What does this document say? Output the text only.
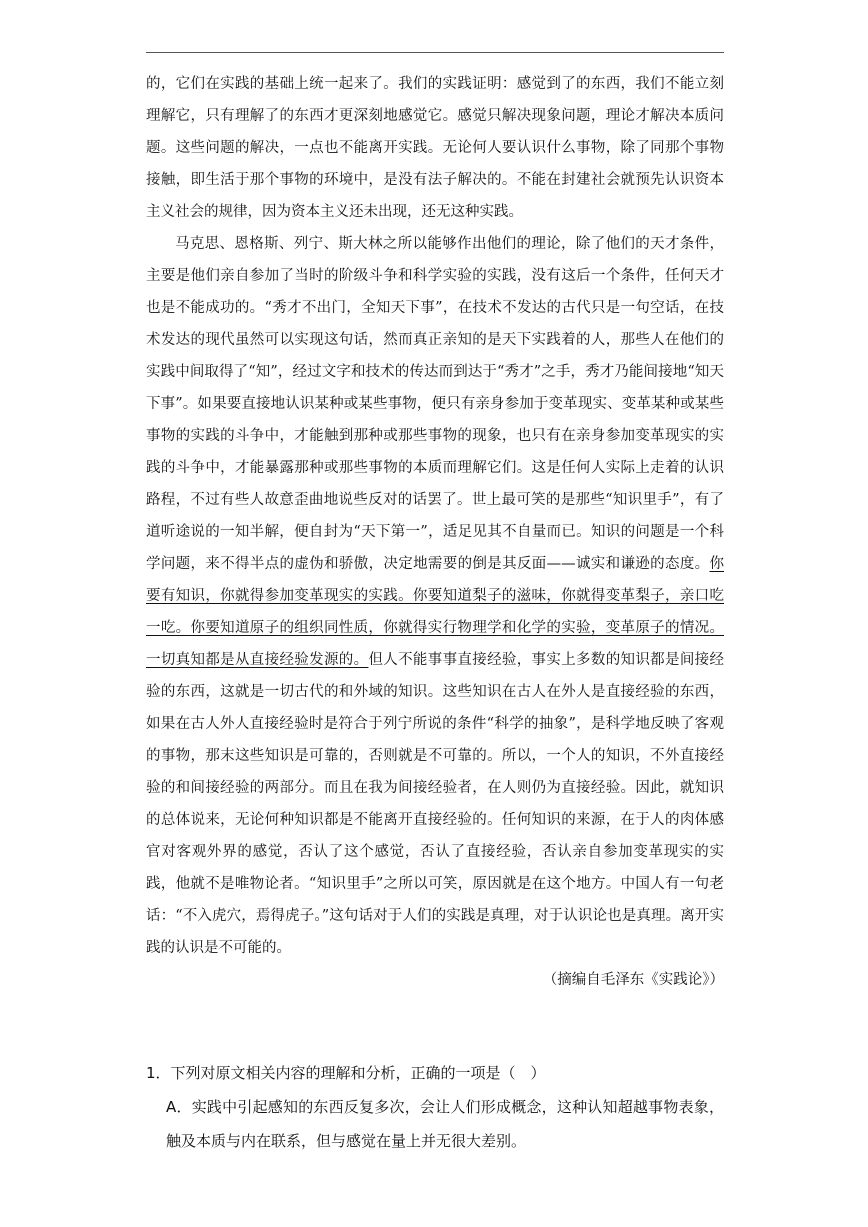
的，它们在实践的基础上统一起来了。我们的实践证明：感觉到了的东西，我们不能立刻理解它，只有理解了的东西才更深刻地感觉它。感觉只解决现象问题，理论才解决本质问题。这些问题的解决，一点也不能离开实践。无论何人要认识什么事物，除了同那个事物接触，即生活于那个事物的环境中，是没有法子解决的。不能在封建社会就预先认识资本主义社会的规律，因为资本主义还未出现，还无这种实践。

马克思、恩格斯、列宁、斯大林之所以能够作出他们的理论，除了他们的天才条件，主要是他们亲自参加了当时的阶级斗争和科学实验的实践，没有这后一个条件，任何天才也是不能成功的。“秀才不出门，全知天下事”，在技术不发达的古代只是一句空话，在技术发达的现代虽然可以实现这句话，然而真正亲知的是天下实践着的人，那些人在他们的实践中间取得了“知”，经过文字和技术的传达而到达于“秀才”之手，秀才乃能间接地“知天下事”。如果要直接地认识某种或某些事物，便只有亲身参加于变革现实、变革某种或某些事物的实践的斗争中，才能触到那种或那些事物的现象，也只有在亲身参加变革现实的实践的斗争中，才能暴露那种或那些事物的本质而理解它们。这是任何人实际上走着的认识路程，不过有些人故意歪曲地说些反对的话罢了。世上最可笑的是那些“知识里手”，有了道听途说的一知半解，便自封为“天下第一”，适足见其不自量而已。知识的问题是一个科学问题，来不得半点的虚伪和骄傲，决定地需要的倒是其反面——诚实和谦逊的态度。你要有知识，你就得参加变革现实的实践。你要知道梨子的滋味，你就得变革梨子，亲口吃一吃。你要知道原子的组织同性质，你就得实行物理学和化学的实验，变革原子的情况。一切真知都是从直接经验发源的。但人不能事事直接经验，事实上多数的知识都是间接经验的东西，这就是一切古代的和外域的知识。这些知识在古人在外人是直接经验的东西，如果在古人外人直接经验时是符合于列宁所说的条件“科学的抽象”，是科学地反映了客观的事物，那末这些知识是可靠的，否则就是不可靠的。所以，一个人的知识，不外直接经验的和间接经验的两部分。而且在我为间接经验者，在人则仍为直接经验。因此，就知识的总体说来，无论何种知识都是不能离开直接经验的。任何知识的来源，在于人的肉体感官对客观外界的感觉，否认了这个感觉，否认了直接经验，否认亲自参加变革现实的实践，他就不是唯物论者。“知识里手”之所以可笑，原因就是在这个地方。中国人有一句老话：“不入虎穴，焉得虎子。”这句话对于人们的实践是真理，对于认识论也是真理。离开实践的认识是不可能的。

（摘编自毛泽东《实践论》）

1．下列对原文相关内容的理解和分析，正确的一项是（　）

A．实践中引起感知的东西反复多次，会让人们形成概念，这种认知超越事物表象，触及本质与内在联系，但与感觉在量上并无很大差别。
